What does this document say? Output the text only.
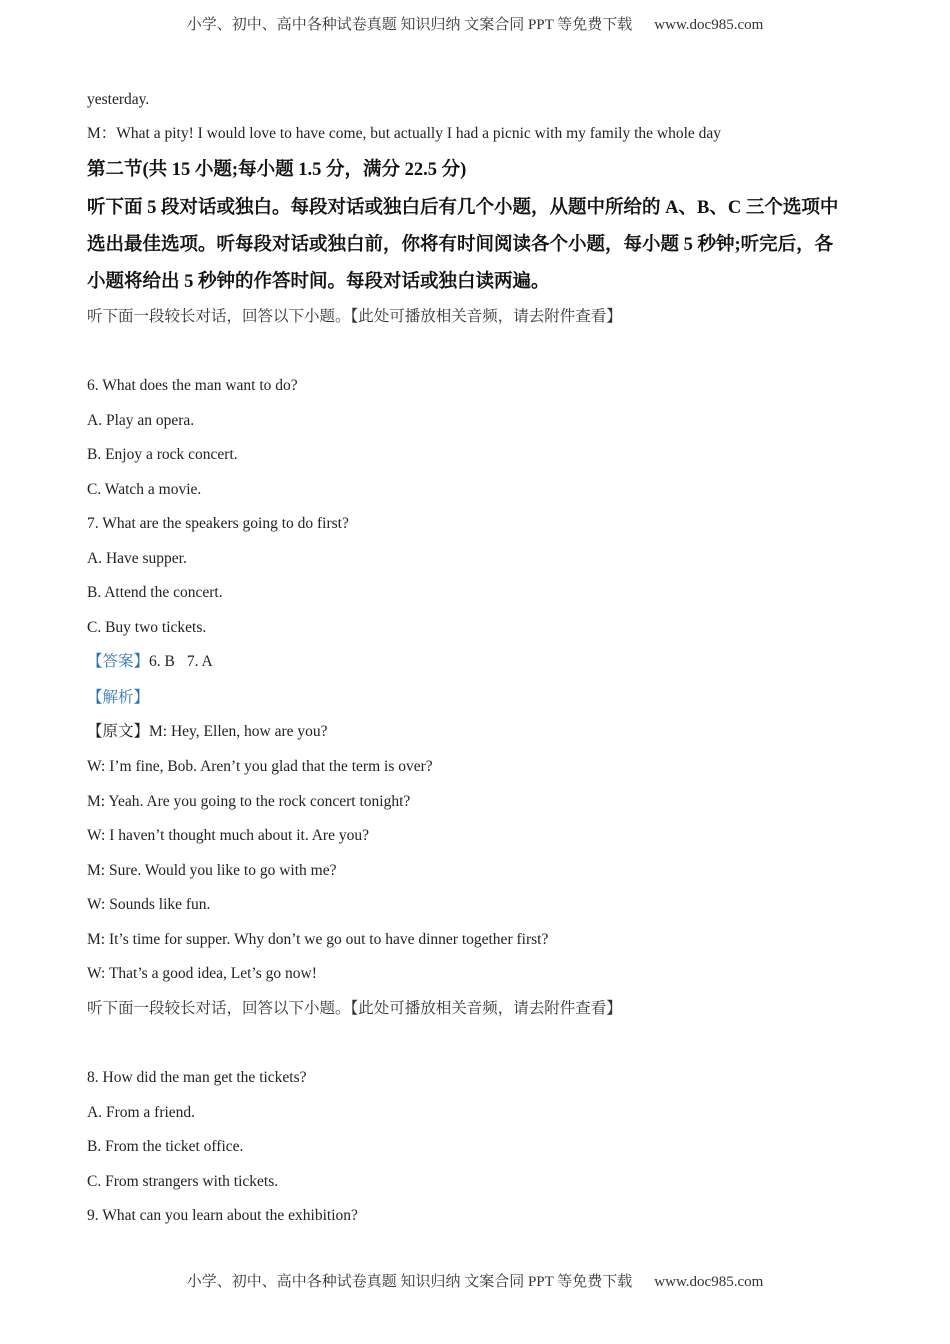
小学、初中、高中各种试卷真题 知识归纳 文案合同 PPT 等免费下载 www.doc985.com
yesterday.
M：What a pity! I would love to have come, but actually I had a picnic with my family the whole day
第二节(共 15 小题;每小题 1.5 分，满分 22.5 分)
听下面 5 段对话或独白。每段对话或独白后有几个小题，从题中所给的 A、B、C 三个选项中
选出最佳选项。听每段对话或独白前，你将有时间阅读各个小题，每小题 5 秒钟;听完后，各
小题将给出 5 秒钟的作答时间。每段对话或独白读两遍。
听下面一段较长对话，回答以下小题。【此处可播放相关音频，请去附件查看】
6. What does the man want to do?
A. Play an opera.
B. Enjoy a rock concert.
C. Watch a movie.
7. What are the speakers going to do first?
A. Have supper.
B. Attend the concert.
C. Buy two tickets.
【答案】6. B 7. A
【解析】
【原文】M: Hey, Ellen, how are you?
W: I’m fine, Bob. Aren’t you glad that the term is over?
M: Yeah. Are you going to the rock concert tonight?
W: I haven’t thought much about it. Are you?
M: Sure. Would you like to go with me?
W: Sounds like fun.
M: It’s time for supper. Why don’t we go out to have dinner together first?
W: That’s a good idea, Let’s go now!
听下面一段较长对话，回答以下小题。【此处可播放相关音频，请去附件查看】
8. How did the man get the tickets?
A. From a friend.
B. From the ticket office.
C. From strangers with tickets.
9. What can you learn about the exhibition?
小学、初中、高中各种试卷真题 知识归纳 文案合同 PPT 等免费下载 www.doc985.com
